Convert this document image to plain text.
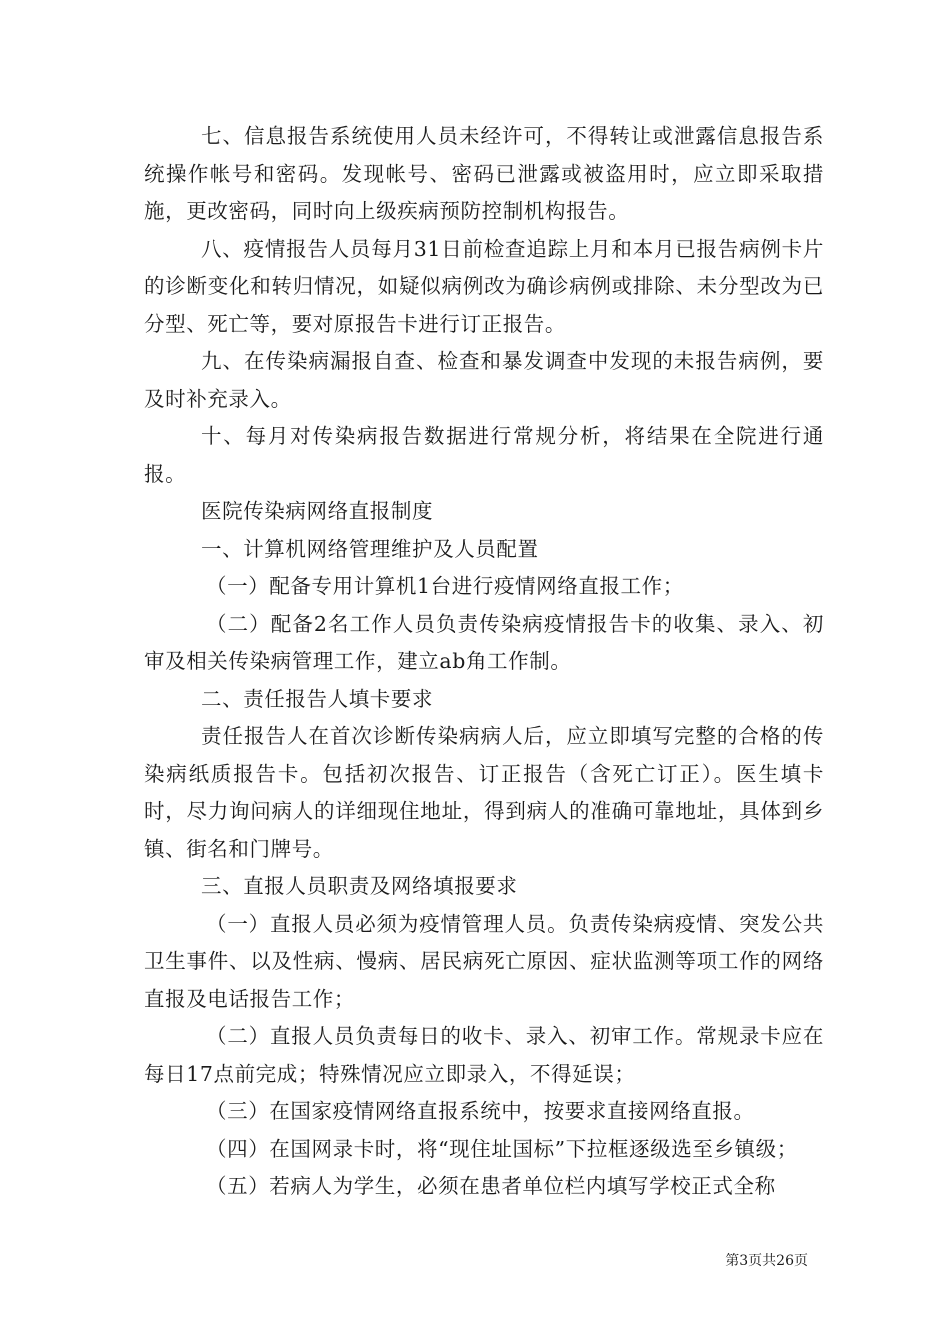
七、信息报告系统使用人员未经许可，不得转让或泄露信息报告系统操作帐号和密码。发现帐号、密码已泄露或被盗用时，应立即采取措施，更改密码，同时向上级疾病预防控制机构报告。

八、疫情报告人员每月31日前检查追踪上月和本月已报告病例卡片的诊断变化和转归情况，如疑似病例改为确诊病例或排除、未分型改为已分型、死亡等，要对原报告卡进行订正报告。

九、在传染病漏报自查、检查和暴发调查中发现的未报告病例，要及时补充录入。

十、每月对传染病报告数据进行常规分析，将结果在全院进行通报。

医院传染病网络直报制度

一、计算机网络管理维护及人员配置

（一）配备专用计算机1台进行疫情网络直报工作；

（二）配备2名工作人员负责传染病疫情报告卡的收集、录入、初审及相关传染病管理工作，建立ab角工作制。

二、责任报告人填卡要求

责任报告人在首次诊断传染病病人后，应立即填写完整的合格的传染病纸质报告卡。包括初次报告、订正报告（含死亡订正）。医生填卡时，尽力询问病人的详细现住地址，得到病人的准确可靠地址，具体到乡镇、街名和门牌号。

三、直报人员职责及网络填报要求

（一）直报人员必须为疫情管理人员。负责传染病疫情、突发公共卫生事件、以及性病、慢病、居民病死亡原因、症状监测等项工作的网络直报及电话报告工作；

（二）直报人员负责每日的收卡、录入、初审工作。常规录卡应在每日17点前完成；特殊情况应立即录入，不得延误；

（三）在国家疫情网络直报系统中，按要求直接网络直报。

（四）在国网录卡时，将“现住址国标”下拉框逐级选至乡镇级；

（五）若病人为学生，必须在患者单位栏内填写学校正式全称

第3页共26页
